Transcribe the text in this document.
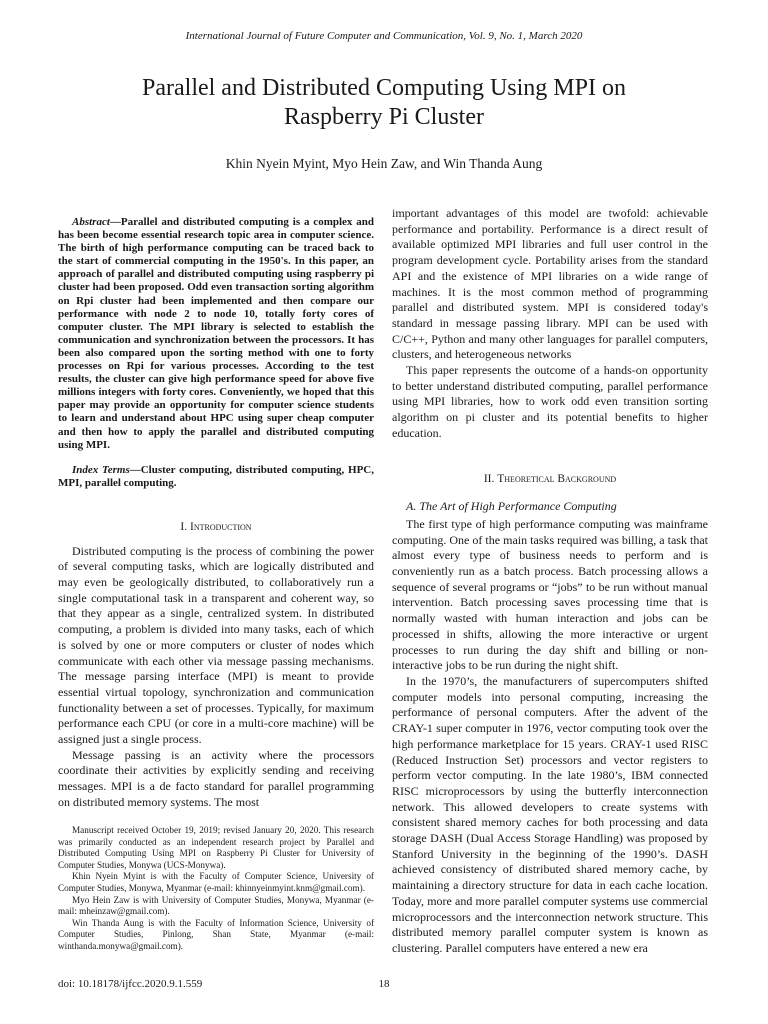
International Journal of Future Computer and Communication, Vol. 9, No. 1, March 2020
Parallel and Distributed Computing Using MPI on
Raspberry Pi Cluster
Khin Nyein Myint, Myo Hein Zaw, and Win Thanda Aung

Abstract—Parallel and distributed computing is a complex and has been become essential research topic area in computer science. The birth of high performance computing can be traced back to the start of commercial computing in the 1950's. In this paper, an approach of parallel and distributed computing using raspberry pi cluster had been proposed. Odd even transaction sorting algorithm on Rpi cluster had been implemented and then compare our performance with node 2 to node 10, totally forty cores of computer cluster. The MPI library is selected to establish the communication and synchronization between the processors. It has been also compared upon the sorting method with one to forty processes on Rpi for various processes. According to the test results, the cluster can give high performance speed for above five millions integers with forty cores. Conveniently, we hoped that this paper may provide an opportunity for computer science students to learn and understand about HPC using super cheap computer and then how to apply the parallel and distributed computing using MPI.

Index Terms—Cluster computing, distributed computing, HPC, MPI, parallel computing.

I. Introduction

Distributed computing is the process of combining the power of several computing tasks, which are logically distributed and may even be geologically distributed, to collaboratively run a single computational task in a transparent and coherent way, so that they appear as a single, centralized system. In distributed computing, a problem is divided into many tasks, each of which is solved by one or more computers or cluster of nodes which communicate with each other via message passing mechanisms. The message parsing interface (MPI) is meant to provide essential virtual topology, synchronization and communication functionality between a set of processes. Typically, for maximum performance each CPU (or core in a multi-core machine) will be assigned just a single process.

Message passing is an activity where the processors coordinate their activities by explicitly sending and receiving messages. MPI is a de facto standard for parallel programming on distributed memory systems. The most

Manuscript received October 19, 2019; revised January 20, 2020. This research was primarily conducted as an independent research project by Parallel and Distributed Computing Using MPI on Raspberry Pi Cluster for University of Computer Studies, Monywa (UCS-Monywa).

Khin Nyein Myint is with the Faculty of Computer Science, University of Computer Studies, Monywa, Myanmar (e-mail: khinnyeinmyint.knm@gmail.com).

Myo Hein Zaw is with University of Computer Studies, Monywa, Myanmar (e-mail: mheinzaw@gmail.com).

Win Thanda Aung is with the Faculty of Information Science, University of Computer Studies, Pinlong, Shan State, Myanmar (e-mail: winthanda.monywa@gmail.com).

important advantages of this model are twofold: achievable performance and portability. Performance is a direct result of available optimized MPI libraries and full user control in the program development cycle. Portability arises from the standard API and the existence of MPI libraries on a wide range of machines. It is the most common method of programming parallel and distributed system. MPI is considered today's standard in message passing library. MPI can be used with C/C++, Python and many other languages for parallel computers, clusters, and heterogeneous networks

This paper represents the outcome of a hands-on opportunity to better understand distributed computing, parallel performance using MPI libraries, how to work odd even transition sorting algorithm on pi cluster and its potential benefits to higher education.

II. Theoretical Background
A. The Art of High Performance Computing

The first type of high performance computing was mainframe computing. One of the main tasks required was billing, a task that almost every type of business needs to perform and is conveniently run as a batch process. Batch processing allows a sequence of several programs or “jobs” to be run without manual intervention. Batch processing saves processing time that is normally wasted with human interaction and jobs can be processed in shifts, allowing the more interactive or urgent processes to run during the day shift and billing or non-interactive jobs to be run during the night shift.

In the 1970’s, the manufacturers of supercomputers shifted computer models into personal computing, increasing the performance of personal computers. After the advent of the CRAY-1 super computer in 1976, vector computing took over the high performance marketplace for 15 years. CRAY-1 used RISC (Reduced Instruction Set) processors and vector registers to perform vector computing. In the late 1980’s, IBM connected RISC microprocessors by using the butterfly interconnection network. This allowed developers to create systems with consistent shared memory caches for both processing and data storage DASH (Dual Access Storage Handling) was proposed by Stanford University in the beginning of the 1990’s. DASH achieved consistency of distributed shared memory cache, by maintaining a directory structure for data in each cache location. Today, more and more parallel computer systems use commercial microprocessors and the interconnection network structure. This distributed memory parallel computer system is known as clustering. Parallel computers have entered a new era

doi: 10.18178/ijfcc.2020.9.1.559	18
